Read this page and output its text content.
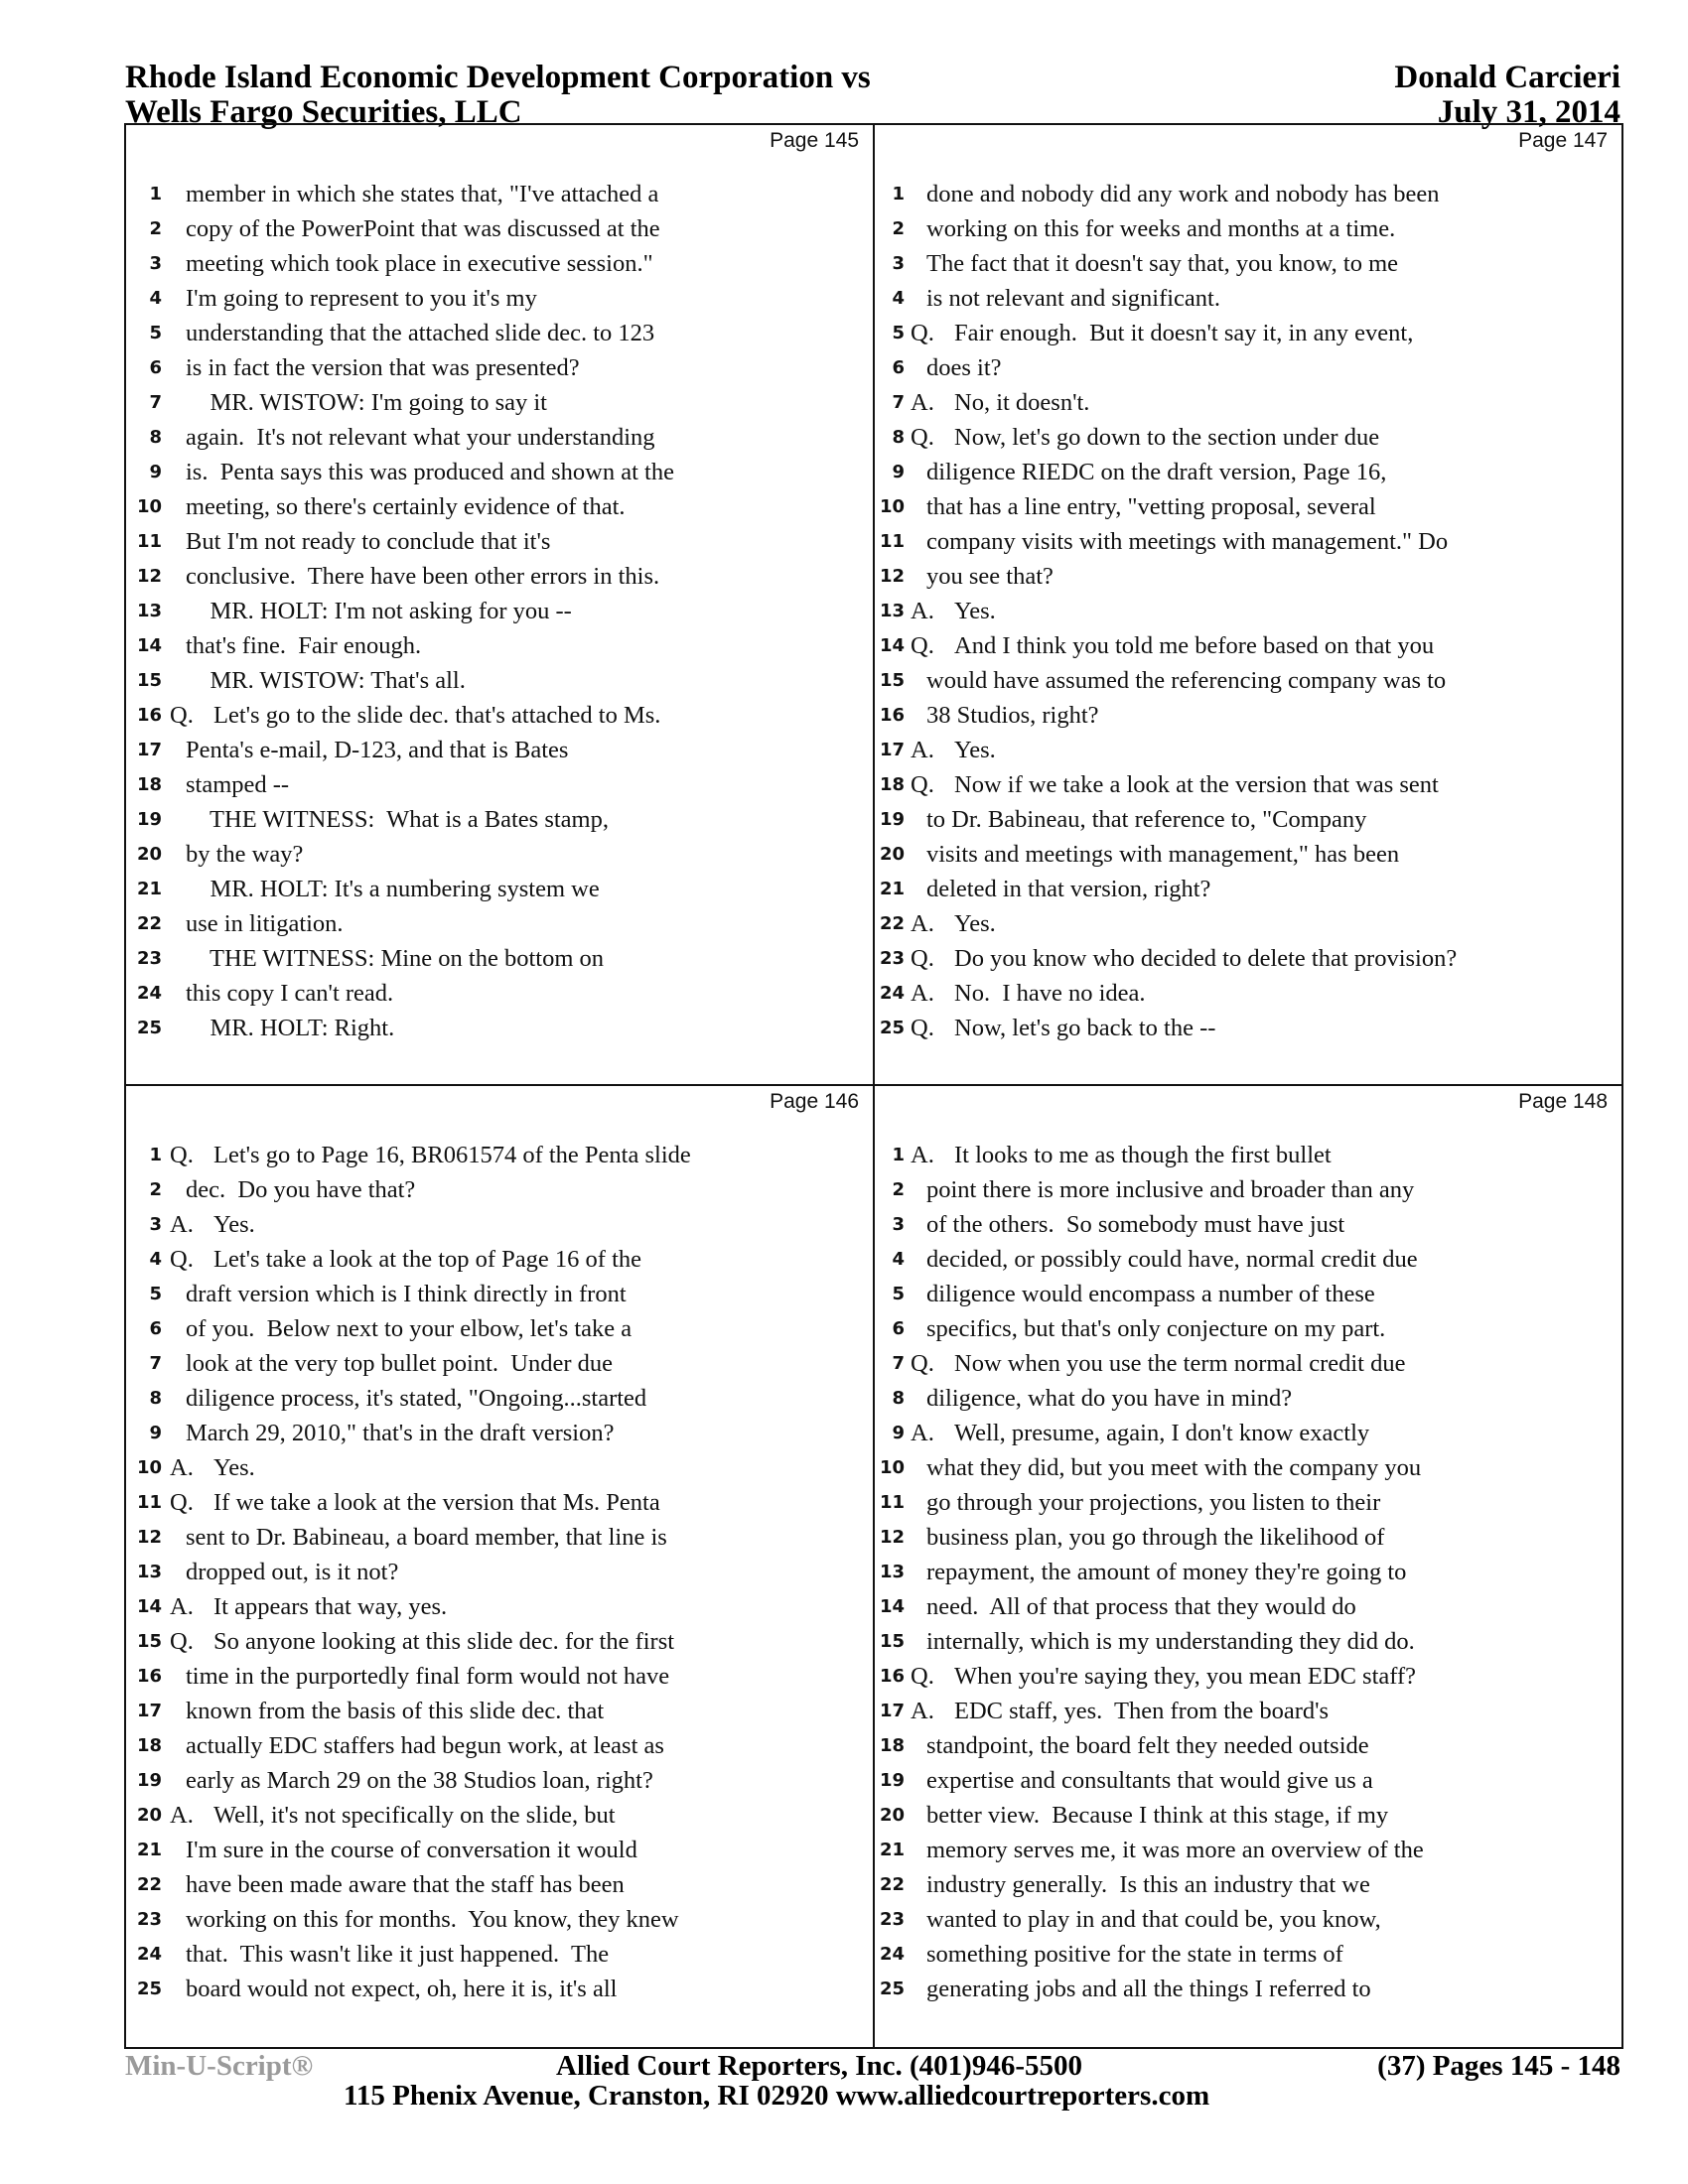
Rhode Island Economic Development Corporation vs
Wells Fargo Securities, LLC
Donald Carcieri
July 31, 2014
Page 145
1 member in which she states that, "I've attached a
2 copy of the PowerPoint that was discussed at the
3 meeting which took place in executive session."
4 I'm going to represent to you it's my
5 understanding that the attached slide dec. to 123
6 is in fact the version that was presented?
7 MR. WISTOW: I'm going to say it
8 again.  It's not relevant what your understanding
9 is.  Penta says this was produced and shown at the
10 meeting, so there's certainly evidence of that.
11 But I'm not ready to conclude that it's
12 conclusive.  There have been other errors in this.
13 MR. HOLT: I'm not asking for you --
14 that's fine.  Fair enough.
15 MR. WISTOW: That's all.
16 Q. Let's go to the slide dec. that's attached to Ms.
17 Penta's e-mail, D-123, and that is Bates
18 stamped --
19 THE WITNESS:  What is a Bates stamp,
20 by the way?
21 MR. HOLT: It's a numbering system we
22 use in litigation.
23 THE WITNESS: Mine on the bottom on
24 this copy I can't read.
25 MR. HOLT: Right.
Page 147
1 done and nobody did any work and nobody has been
2 working on this for weeks and months at a time.
3 The fact that it doesn't say that, you know, to me
4 is not relevant and significant.
5 Q. Fair enough.  But it doesn't say it, in any event,
6 does it?
7 A. No, it doesn't.
8 Q. Now, let's go down to the section under due
9 diligence RIEDC on the draft version, Page 16,
10 that has a line entry, "vetting proposal, several
11 company visits with meetings with management." Do
12 you see that?
13 A. Yes.
14 Q. And I think you told me before based on that you
15 would have assumed the referencing company was to
16 38 Studios, right?
17 A. Yes.
18 Q. Now if we take a look at the version that was sent
19 to Dr. Babineau, that reference to, "Company
20 visits and meetings with management," has been
21 deleted in that version, right?
22 A. Yes.
23 Q. Do you know who decided to delete that provision?
24 A. No.  I have no idea.
25 Q. Now, let's go back to the --
Page 146
1 Q. Let's go to Page 16, BR061574 of the Penta slide
2 dec.  Do you have that?
3 A. Yes.
4 Q. Let's take a look at the top of Page 16 of the
5 draft version which is I think directly in front
6 of you.  Below next to your elbow, let's take a
7 look at the very top bullet point.  Under due
8 diligence process, it's stated, "Ongoing...started
9 March 29, 2010," that's in the draft version?
10 A. Yes.
11 Q. If we take a look at the version that Ms. Penta
12 sent to Dr. Babineau, a board member, that line is
13 dropped out, is it not?
14 A. It appears that way, yes.
15 Q. So anyone looking at this slide dec. for the first
16 time in the purportedly final form would not have
17 known from the basis of this slide dec. that
18 actually EDC staffers had begun work, at least as
19 early as March 29 on the 38 Studios loan, right?
20 A. Well, it's not specifically on the slide, but
21 I'm sure in the course of conversation it would
22 have been made aware that the staff has been
23 working on this for months.  You know, they knew
24 that.  This wasn't like it just happened.  The
25 board would not expect, oh, here it is, it's all
Page 148
1 A. It looks to me as though the first bullet
2 point there is more inclusive and broader than any
3 of the others.  So somebody must have just
4 decided, or possibly could have, normal credit due
5 diligence would encompass a number of these
6 specifics, but that's only conjecture on my part.
7 Q. Now when you use the term normal credit due
8 diligence, what do you have in mind?
9 A. Well, presume, again, I don't know exactly
10 what they did, but you meet with the company you
11 go through your projections, you listen to their
12 business plan, you go through the likelihood of
13 repayment, the amount of money they're going to
14 need.  All of that process that they would do
15 internally, which is my understanding they did do.
16 Q. When you're saying they, you mean EDC staff?
17 A. EDC staff, yes.  Then from the board's
18 standpoint, the board felt they needed outside
19 expertise and consultants that would give us a
20 better view.  Because I think at this stage, if my
21 memory serves me, it was more an overview of the
22 industry generally.  Is this an industry that we
23 wanted to play in and that could be, you know,
24 something positive for the state in terms of
25 generating jobs and all the things I referred to
Min-U-Script®	Allied Court Reporters, Inc. (401)946-5500	(37) Pages 145 - 148
115 Phenix Avenue, Cranston, RI 02920 www.alliedcourtreporters.com
